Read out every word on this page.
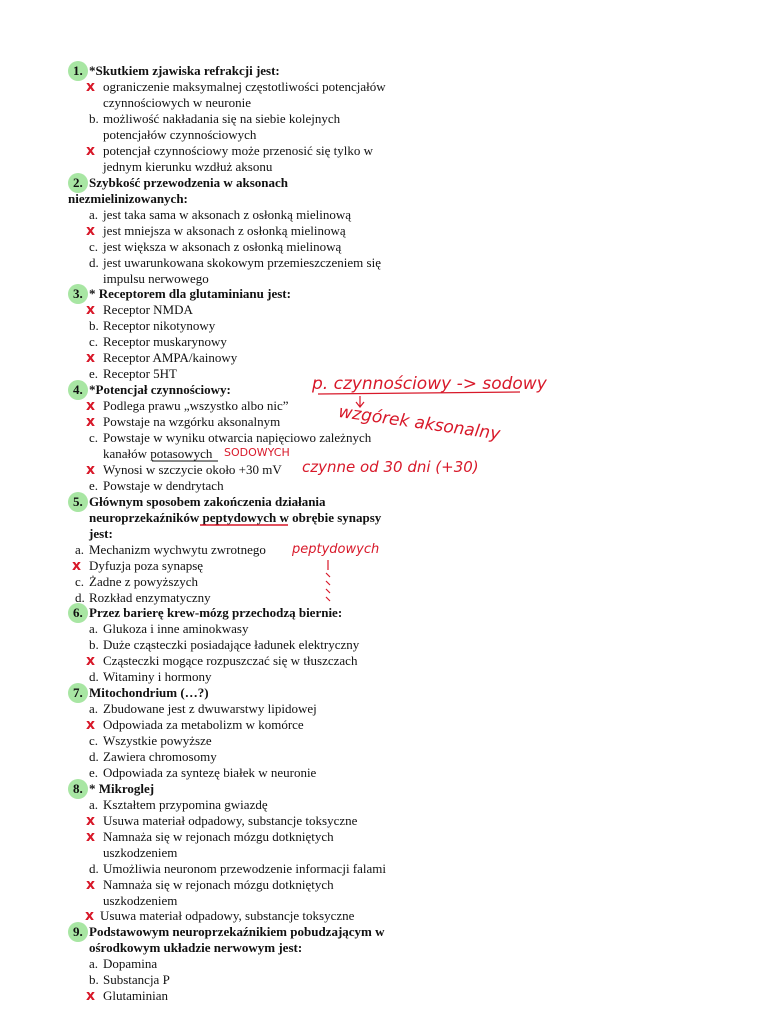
1. *Skutkiem zjawiska refrakcji jest:
ograniczenie maksymalnej częstotliwości potencjałów
czynnościowych w neuronie
b. możliwość nakładania się na siebie kolejnych
potencjałów czynnościowych
potencjał czynnościowy może przenosić się tylko w
jednym kierunku wzdłuż aksonu
2. Szybkość przewodzenia w aksonach
niezmielinizowanych:
a. jest taka sama w aksonach z osłonką mielinową
jest mniejsza w aksonach z osłonką mielinową
c. jest większa w aksonach z osłonką mielinową
d. jest uwarunkowana skokowym przemieszczeniem się
impulsu nerwowego
3. * Receptorem dla glutaminianu jest:
Receptor NMDA
b. Receptor nikotynowy
c. Receptor muskarynowy
Receptor AMPA/kainowy
e. Receptor 5HT
4. *Potencjał czynnościowy:
Podlega prawu „wszystko albo nic”
Powstaje na wzgórku aksonalnym
c. Powstaje w wyniku otwarcia napięciowo zależnych
kanałów potasowych
Wynosi w szczycie około +30 mV
e. Powstaje w dendrytach
5. Głównym sposobem zakończenia działania
neuroprzekaźników peptydowych w obrębie synapsy
jest:
a. Mechanizm wychwytu zwrotnego
Dyfuzja poza synapsę
c. Żadne z powyższych
d. Rozkład enzymatyczny
6. Przez barierę krew-mózg przechodzą biernie:
a. Glukoza i inne aminokwasy
b. Duże cząsteczki posiadające ładunek elektryczny
Cząsteczki mogące rozpuszczać się w tłuszczach
d. Witaminy i hormony
7. Mitochondrium (…?)
a. Zbudowane jest z dwuwarstwy lipidowej
Odpowiada za metabolizm w komórce
c. Wszystkie powyższe
d. Zawiera chromosomy
e. Odpowiada za syntezę białek w neuronie
8. * Mikroglej
a. Kształtem przypomina gwiazdę
Usuwa materiał odpadowy, substancje toksyczne
Namnaża się w rejonach mózgu dotkniętych
uszkodzeniem
d. Umożliwia neuronom przewodzenie informacji falami
Namnaża się w rejonach mózgu dotkniętych
uszkodzeniem
Usuwa materiał odpadowy, substancje toksyczne
9. Podstawowym neuroprzekaźnikiem pobudzającym w
ośrodkowym układzie nerwowym jest:
a. Dopamina
b. Substancja P
Glutaminian
x
x
x
x
x
x
x
x
x
x
x
x
x
x
x
x
p. czynnościowy -> sodowy
wzgórek aksonalny
SODOWYCH
czynne od 30 dni (+30)
peptydowych
